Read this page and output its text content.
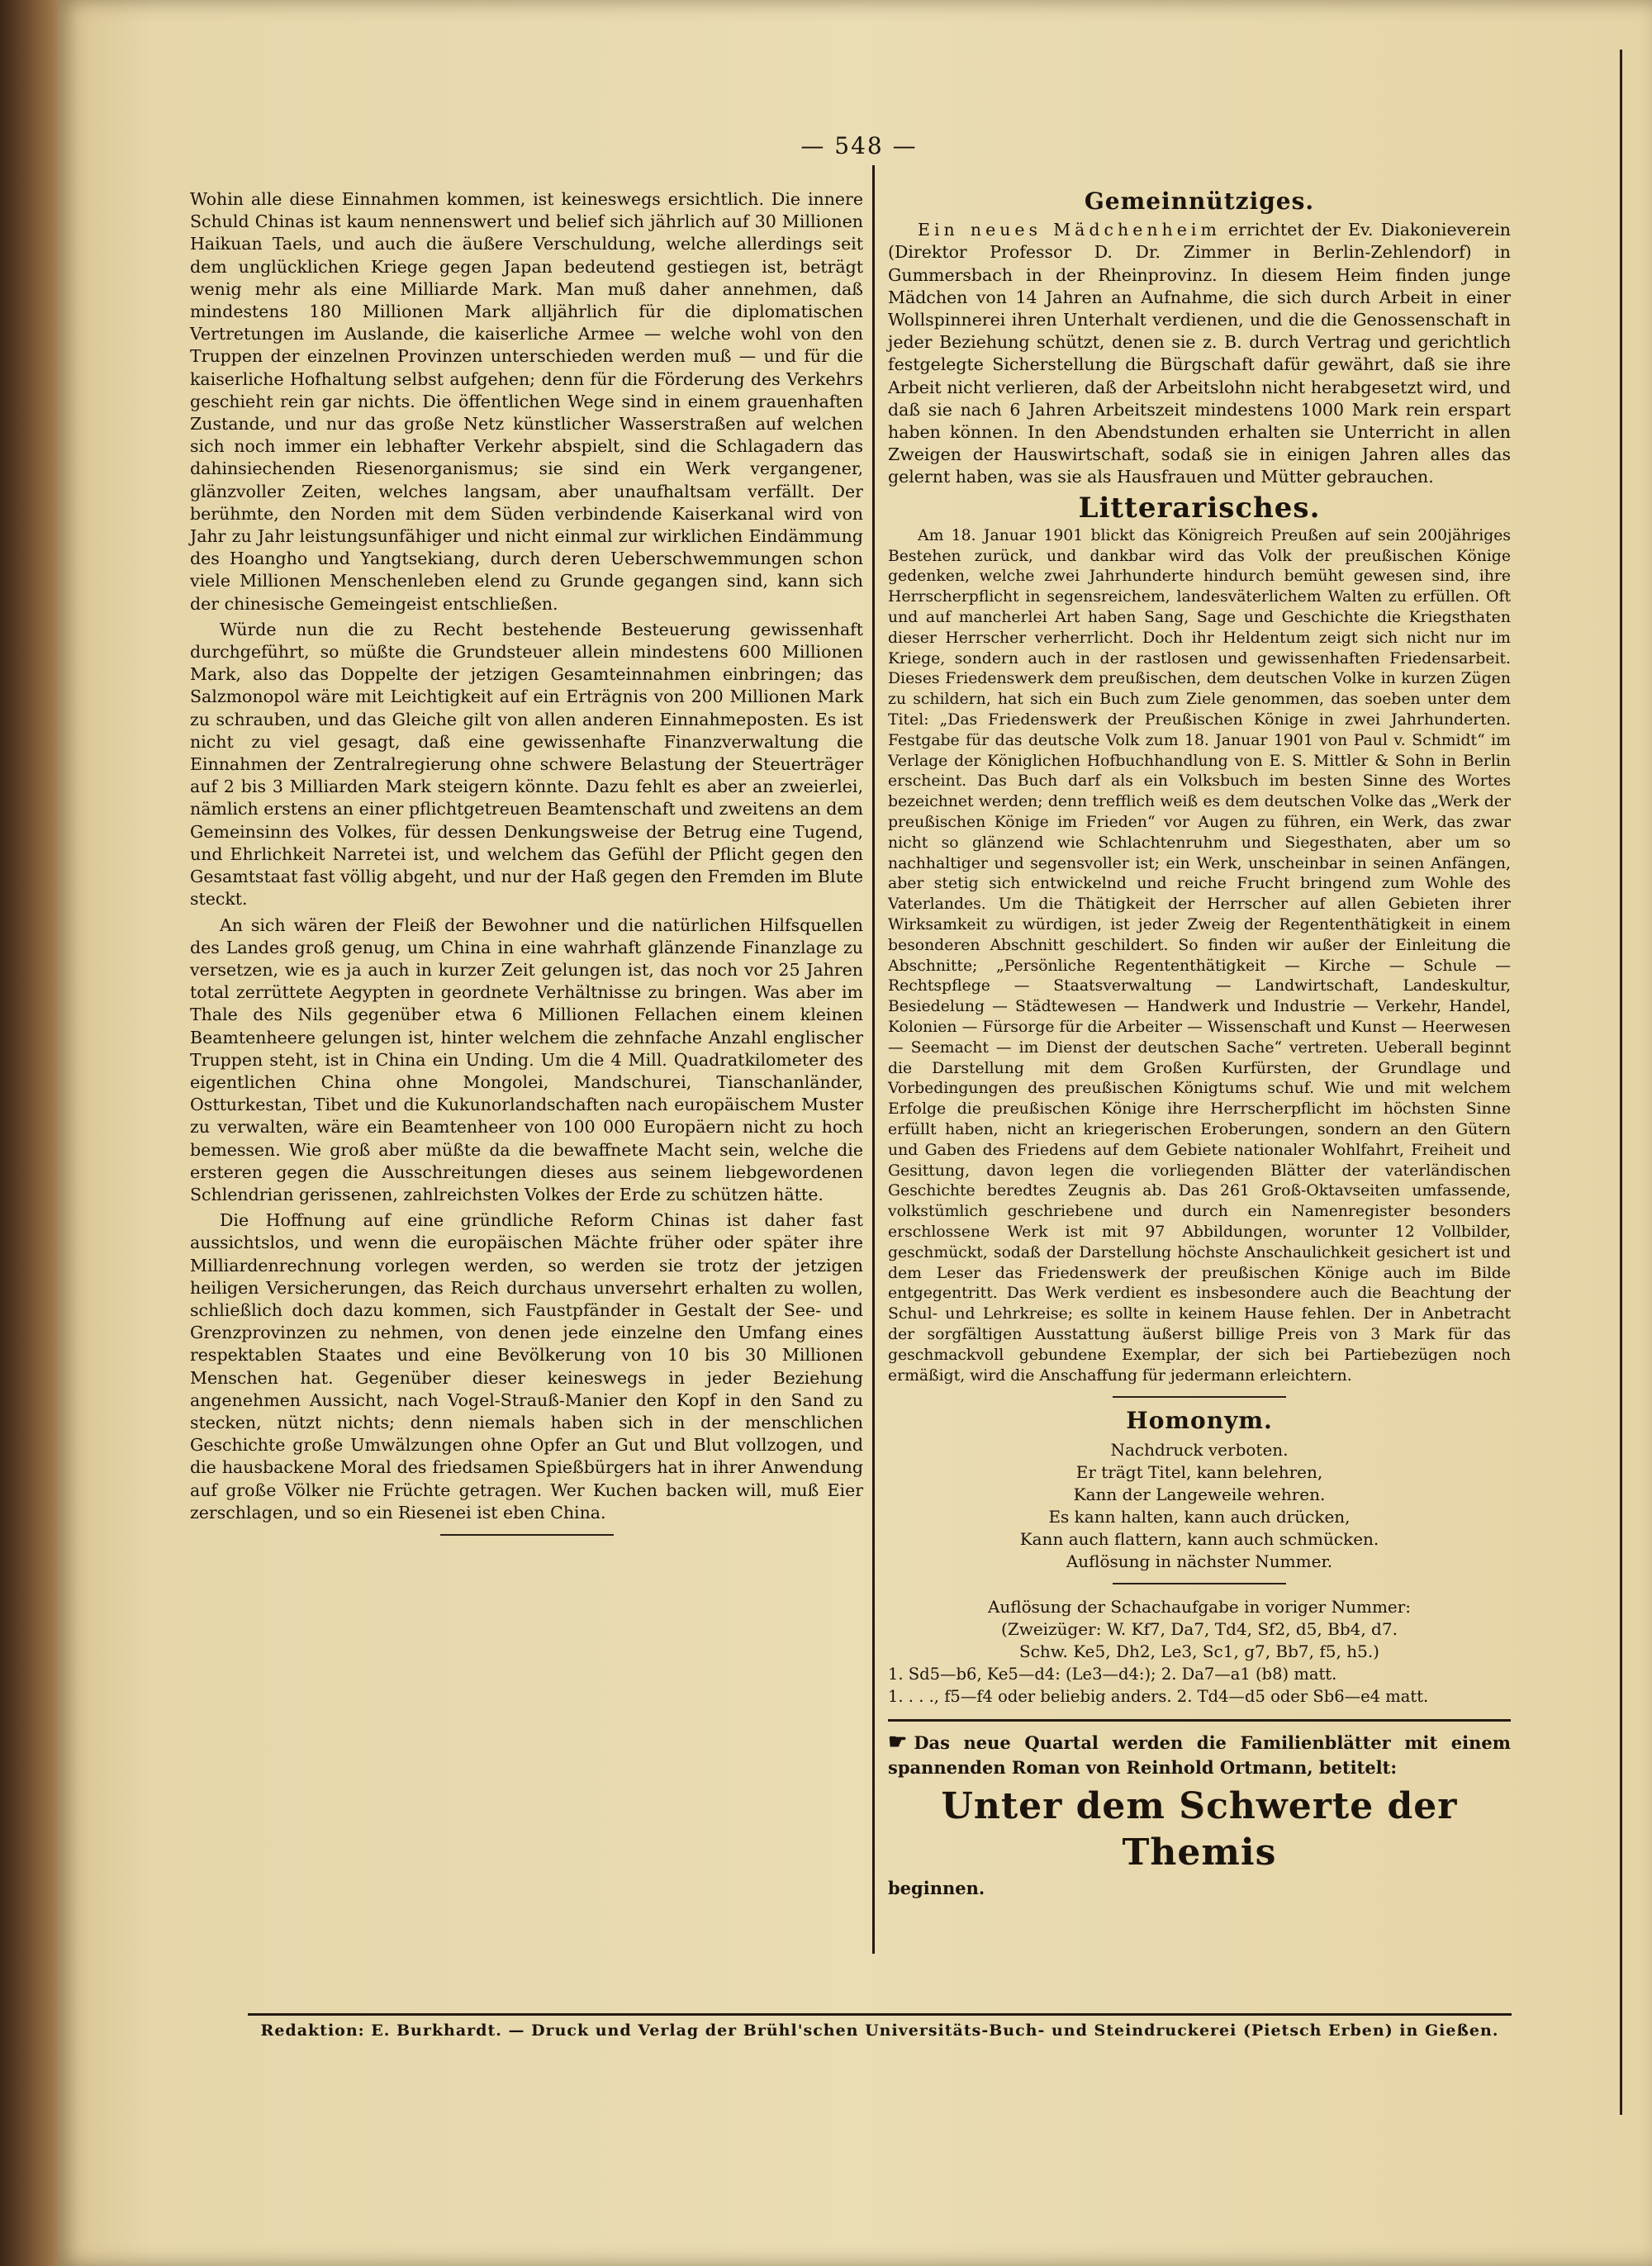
— 548 —

Wohin alle diese Einnahmen kommen, ist keineswegs ersichtlich. Die innere Schuld Chinas ist kaum nennenswert und belief sich jährlich auf 30 Millionen Haikuan Taels, und auch die äußere Verschuldung, welche allerdings seit dem unglücklichen Kriege gegen Japan bedeutend gestiegen ist, beträgt wenig mehr als eine Milliarde Mark. Man muß daher annehmen, daß mindestens 180 Millionen Mark alljährlich für die diplomatischen Vertretungen im Auslande, die kaiserliche Armee — welche wohl von den Truppen der einzelnen Provinzen unterschieden werden muß — und für die kaiserliche Hofhaltung selbst aufgehen; denn für die Förderung des Verkehrs geschieht rein gar nichts. Die öffentlichen Wege sind in einem grauenhaften Zustande, und nur das große Netz künstlicher Wasserstraßen auf welchen sich noch immer ein lebhafter Verkehr abspielt, sind die Schlagadern das dahinsiechenden Riesenorganismus; sie sind ein Werk vergangener, glänzvoller Zeiten, welches langsam, aber unaufhaltsam verfällt. Der berühmte, den Norden mit dem Süden verbindende Kaiserkanal wird von Jahr zu Jahr leistungsunfähiger und nicht einmal zur wirklichen Eindämmung des Hoangho und Yangtsekiang, durch deren Ueberschwemmungen schon viele Millionen Menschenleben elend zu Grunde gegangen sind, kann sich der chinesische Gemeingeist entschließen.

Würde nun die zu Recht bestehende Besteuerung gewissenhaft durchgeführt, so müßte die Grundsteuer allein mindestens 600 Millionen Mark, also das Doppelte der jetzigen Gesamteinnahmen einbringen; das Salzmonopol wäre mit Leichtigkeit auf ein Erträgnis von 200 Millionen Mark zu schrauben, und das Gleiche gilt von allen anderen Einnahmeposten. Es ist nicht zu viel gesagt, daß eine gewissenhafte Finanzverwaltung die Einnahmen der Zentralregierung ohne schwere Belastung der Steuerträger auf 2 bis 3 Milliarden Mark steigern könnte. Dazu fehlt es aber an zweierlei, nämlich erstens an einer pflichtgetreuen Beamtenschaft und zweitens an dem Gemeinsinn des Volkes, für dessen Denkungsweise der Betrug eine Tugend, und Ehrlichkeit Narretei ist, und welchem das Gefühl der Pflicht gegen den Gesamtstaat fast völlig abgeht, und nur der Haß gegen den Fremden im Blute steckt.

An sich wären der Fleiß der Bewohner und die natürlichen Hilfsquellen des Landes groß genug, um China in eine wahrhaft glänzende Finanzlage zu versetzen, wie es ja auch in kurzer Zeit gelungen ist, das noch vor 25 Jahren total zerrüttete Aegypten in geordnete Verhältnisse zu bringen. Was aber im Thale des Nils gegenüber etwa 6 Millionen Fellachen einem kleinen Beamtenheere gelungen ist, hinter welchem die zehnfache Anzahl englischer Truppen steht, ist in China ein Unding. Um die 4 Mill. Quadratkilometer des eigentlichen China ohne Mongolei, Mandschurei, Tianschanländer, Ostturkestan, Tibet und die Kukunorlandschaften nach europäischem Muster zu verwalten, wäre ein Beamtenheer von 100 000 Europäern nicht zu hoch bemessen. Wie groß aber müßte da die bewaffnete Macht sein, welche die ersteren gegen die Ausschreitungen dieses aus seinem liebgewordenen Schlendrian gerissenen, zahlreichsten Volkes der Erde zu schützen hätte.

Die Hoffnung auf eine gründliche Reform Chinas ist daher fast aussichtslos, und wenn die europäischen Mächte früher oder später ihre Milliardenrechnung vorlegen werden, so werden sie trotz der jetzigen heiligen Versicherungen, das Reich durchaus unversehrt erhalten zu wollen, schließlich doch dazu kommen, sich Faustpfänder in Gestalt der See- und Grenzprovinzen zu nehmen, von denen jede einzelne den Umfang eines respektablen Staates und eine Bevölkerung von 10 bis 30 Millionen Menschen hat. Gegenüber dieser keineswegs in jeder Beziehung angenehmen Aussicht, nach Vogel-Strauß-Manier den Kopf in den Sand zu stecken, nützt nichts; denn niemals haben sich in der menschlichen Geschichte große Umwälzungen ohne Opfer an Gut und Blut vollzogen, und die hausbackene Moral des friedsamen Spießbürgers hat in ihrer Anwendung auf große Völker nie Früchte getragen. Wer Kuchen backen will, muß Eier zerschlagen, und so ein Riesenei ist eben China.

Gemeinnütziges.

Ein neues Mädchenheim errichtet der Ev. Diakonieverein (Direktor Professor D. Dr. Zimmer in Berlin-Zehlendorf) in Gummersbach in der Rheinprovinz. In diesem Heim finden junge Mädchen von 14 Jahren an Aufnahme, die sich durch Arbeit in einer Wollspinnerei ihren Unterhalt verdienen, und die die Genossenschaft in jeder Beziehung schützt, denen sie z. B. durch Vertrag und gerichtlich festgelegte Sicherstellung die Bürgschaft dafür gewährt, daß sie ihre Arbeit nicht verlieren, daß der Arbeitslohn nicht herabgesetzt wird, und daß sie nach 6 Jahren Arbeitszeit mindestens 1000 Mark rein erspart haben können. In den Abendstunden erhalten sie Unterricht in allen Zweigen der Hauswirtschaft, sodaß sie in einigen Jahren alles das gelernt haben, was sie als Hausfrauen und Mütter gebrauchen.

Litterarisches.

Am 18. Januar 1901 blickt das Königreich Preußen auf sein 200jähriges Bestehen zurück, und dankbar wird das Volk der preußischen Könige gedenken, welche zwei Jahrhunderte hindurch bemüht gewesen sind, ihre Herrscherpflicht in segensreichem, landesväterlichem Walten zu erfüllen. Oft und auf mancherlei Art haben Sang, Sage und Geschichte die Kriegsthaten dieser Herrscher verherrlicht. Doch ihr Heldentum zeigt sich nicht nur im Kriege, sondern auch in der rastlosen und gewissenhaften Friedensarbeit. Dieses Friedenswerk dem preußischen, dem deutschen Volke in kurzen Zügen zu schildern, hat sich ein Buch zum Ziele genommen, das soeben unter dem Titel: „Das Friedenswerk der Preußischen Könige in zwei Jahrhunderten. Festgabe für das deutsche Volk zum 18. Januar 1901 von Paul v. Schmidt“ im Verlage der Königlichen Hofbuchhandlung von E. S. Mittler & Sohn in Berlin erscheint. Das Buch darf als ein Volksbuch im besten Sinne des Wortes bezeichnet werden; denn trefflich weiß es dem deutschen Volke das „Werk der preußischen Könige im Frieden“ vor Augen zu führen, ein Werk, das zwar nicht so glänzend wie Schlachtenruhm und Siegesthaten, aber um so nachhaltiger und segensvoller ist; ein Werk, unscheinbar in seinen Anfängen, aber stetig sich entwickelnd und reiche Frucht bringend zum Wohle des Vaterlandes. Um die Thätigkeit der Herrscher auf allen Gebieten ihrer Wirksamkeit zu würdigen, ist jeder Zweig der Regententhätigkeit in einem besonderen Abschnitt geschildert. So finden wir außer der Einleitung die Abschnitte; „Persönliche Regententhätigkeit — Kirche — Schule — Rechtspflege — Staatsverwaltung — Landwirtschaft, Landeskultur, Besiedelung — Städtewesen — Handwerk und Industrie — Verkehr, Handel, Kolonien — Fürsorge für die Arbeiter — Wissenschaft und Kunst — Heerwesen — Seemacht — im Dienst der deutschen Sache“ vertreten. Ueberall beginnt die Darstellung mit dem Großen Kurfürsten, der Grundlage und Vorbedingungen des preußischen Königtums schuf. Wie und mit welchem Erfolge die preußischen Könige ihre Herrscherpflicht im höchsten Sinne erfüllt haben, nicht an kriegerischen Eroberungen, sondern an den Gütern und Gaben des Friedens auf dem Gebiete nationaler Wohlfahrt, Freiheit und Gesittung, davon legen die vorliegenden Blätter der vaterländischen Geschichte beredtes Zeugnis ab. Das 261 Groß-Oktavseiten umfassende, volkstümlich geschriebene und durch ein Namenregister besonders erschlossene Werk ist mit 97 Abbildungen, worunter 12 Vollbilder, geschmückt, sodaß der Darstellung höchste Anschaulichkeit gesichert ist und dem Leser das Friedenswerk der preußischen Könige auch im Bilde entgegentritt. Das Werk verdient es insbesondere auch die Beachtung der Schul- und Lehrkreise; es sollte in keinem Hause fehlen. Der in Anbetracht der sorgfältigen Ausstattung äußerst billige Preis von 3 Mark für das geschmackvoll gebundene Exemplar, der sich bei Partiebezügen noch ermäßigt, wird die Anschaffung für jedermann erleichtern.

Homonym.

Nachdruck verboten.

Er trägt Titel, kann belehren,

Kann der Langeweile wehren.

Es kann halten, kann auch drücken,

Kann auch flattern, kann auch schmücken.

Auflösung in nächster Nummer.

Auflösung der Schachaufgabe in voriger Nummer:

(Zweizüger: W. Kf7, Da7, Td4, Sf2, d5, Bb4, d7.

Schw. Ke5, Dh2, Le3, Sc1, g7, Bb7, f5, h5.)

1. Sd5—b6, Ke5—d4: (Le3—d4:); 2. Da7—a1 (b8) matt.

1. . . ., f5—f4 oder beliebig anders. 2. Td4—d5 oder Sb6—e4 matt.

☛ Das neue Quartal werden die Familienblätter mit einem spannenden Roman von Reinhold Ortmann, betitelt:
Unter dem Schwerte der Themis
beginnen.
Redaktion: E. Burkhardt. — Druck und Verlag der Brühl'schen Universitäts-Buch- und Steindruckerei (Pietsch Erben) in Gießen.
